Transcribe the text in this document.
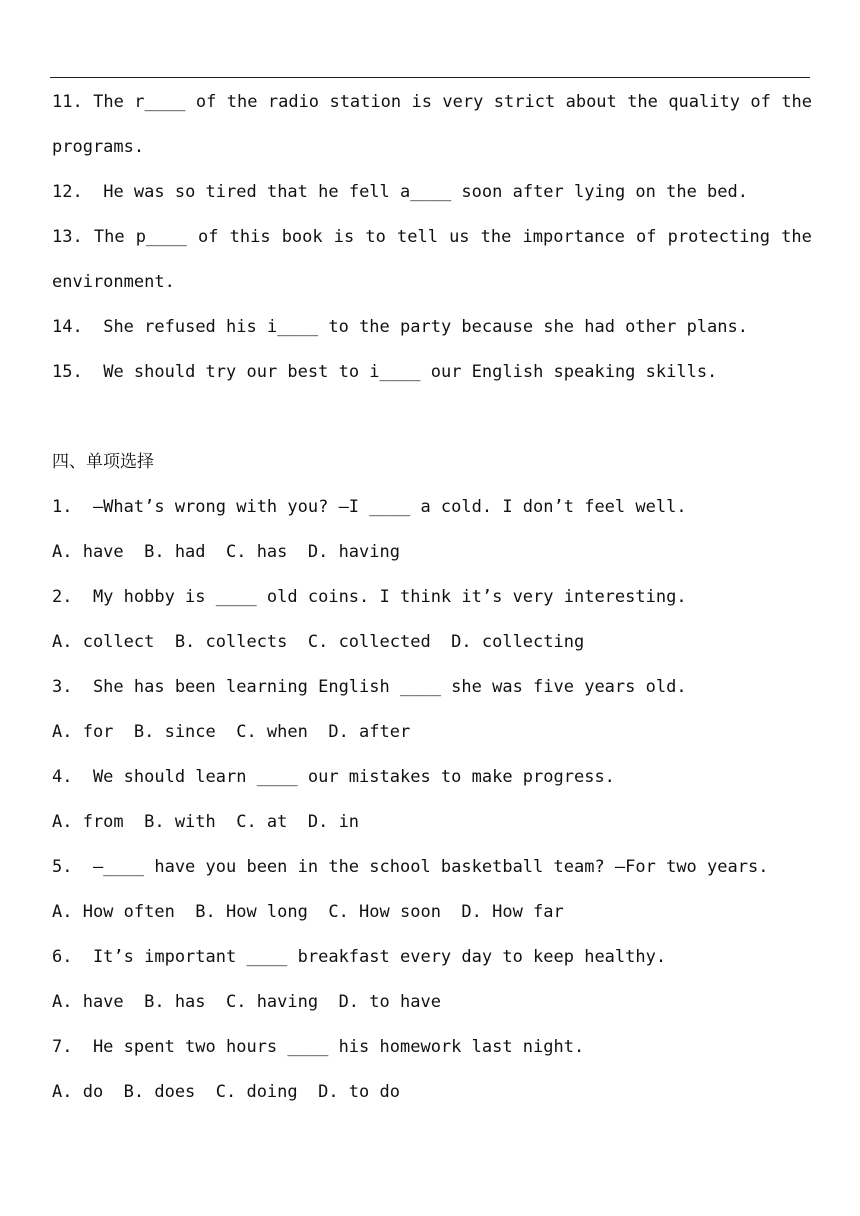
11. The r____ of the radio station is very strict about the quality of the
programs.
12. He was so tired that he fell a____ soon after lying on the bed.
13. The p____ of this book is to tell us the importance of protecting the
environment.
14. She refused his i____ to the party because she had other plans.
15. We should try our best to i____ our English speaking skills.
四、单项选择
1.  —What’s wrong with you? —I ____ a cold. I don’t feel well.
A. have  B. had  C. has  D. having
2.  My hobby is ____ old coins. I think it’s very interesting.
A. collect  B. collects  C. collected  D. collecting
3.  She has been learning English ____ she was five years old.
A. for  B. since  C. when  D. after
4.  We should learn ____ our mistakes to make progress.
A. from  B. with  C. at  D. in
5.  —____ have you been in the school basketball team? —For two years.
A. How often  B. How long  C. How soon  D. How far
6.  It’s important ____ breakfast every day to keep healthy.
A. have  B. has  C. having  D. to have
7.  He spent two hours ____ his homework last night.
A. do  B. does  C. doing  D. to do
